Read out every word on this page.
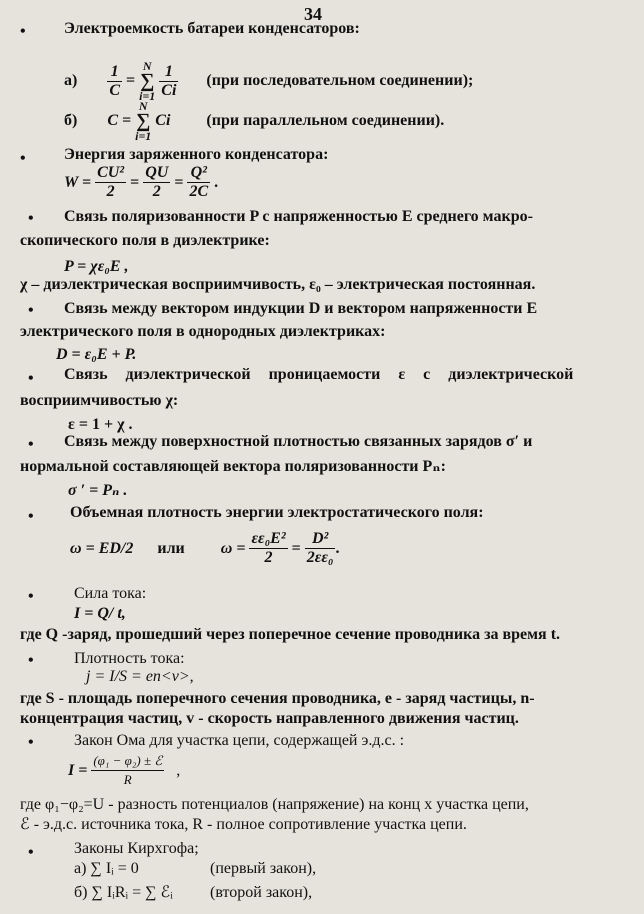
34
• Электроемкость батареи конденсаторов:
$а) \frac{1}{C}$ =
N
∑
$i=1 \frac{1}{Ci} (при$ последовательном соединении);
б) C =
N
∑
i=1
Ci (при параллельном соединении).
• Энергия заряженного конденсатора:
$W = \frac{\text{CU²}}{2} = \frac{QU}{2} = \frac{\text{Q²}}{2C}$ .
• Связь поляризованности P с напряженностью E среднего макро-
скопического поля в диэлектрике:
P = χε₀E ,
χ – диэлектрическая восприимчивость, ε₀ – электрическая постоянная.
• Связь между вектором индукции D и вектором напряженности E
электрического поля в однородных диэлектриках:
D = ε₀E + P.
• Связь диэлектрической проницаемости ε с диэлектрической
восприимчивостью χ:
ε = 1 + χ .
• Связь между поверхностной плотностью связанных зарядов σ′ и
нормальной составляющей вектора поляризованности Pₙ:
σ ′ = Pₙ .
• Объемная плотность энергии электростатического поля:
ω = ED/2 или $\omega = \frac{\text{εε₀E²}}{2} = \frac{\text{D²}}{\text{2εε₀}}$ .
•	Сила тока:
I = Q/ t,
где Q -заряд, прошедший через поперечное сечение проводника за время t.
•	Плотность тока:
j = I/S = en<v>,
где S - площадь поперечного сечения проводника, e - заряд частицы, n-
концентрация частиц, v - скорость направленного движения частиц.
•	Закон Ома для участка цепи, содержащей э.д.с. :
$I = \frac{\text{(φ₁ − φ₂) ± ℰ}}{R}$ ,
где φ₁−φ₂=U - разность потенциалов (напряжение) на конц х участка цепи,
ℰ - э.д.с. источника тока, R - полное сопротивление участка цепи.
•	Законы Кирхгофа;
а) ∑ Iᵢ = 0	(первый закон),
б) ∑ IᵢRᵢ = ∑ ℰᵢ (второй закон),
